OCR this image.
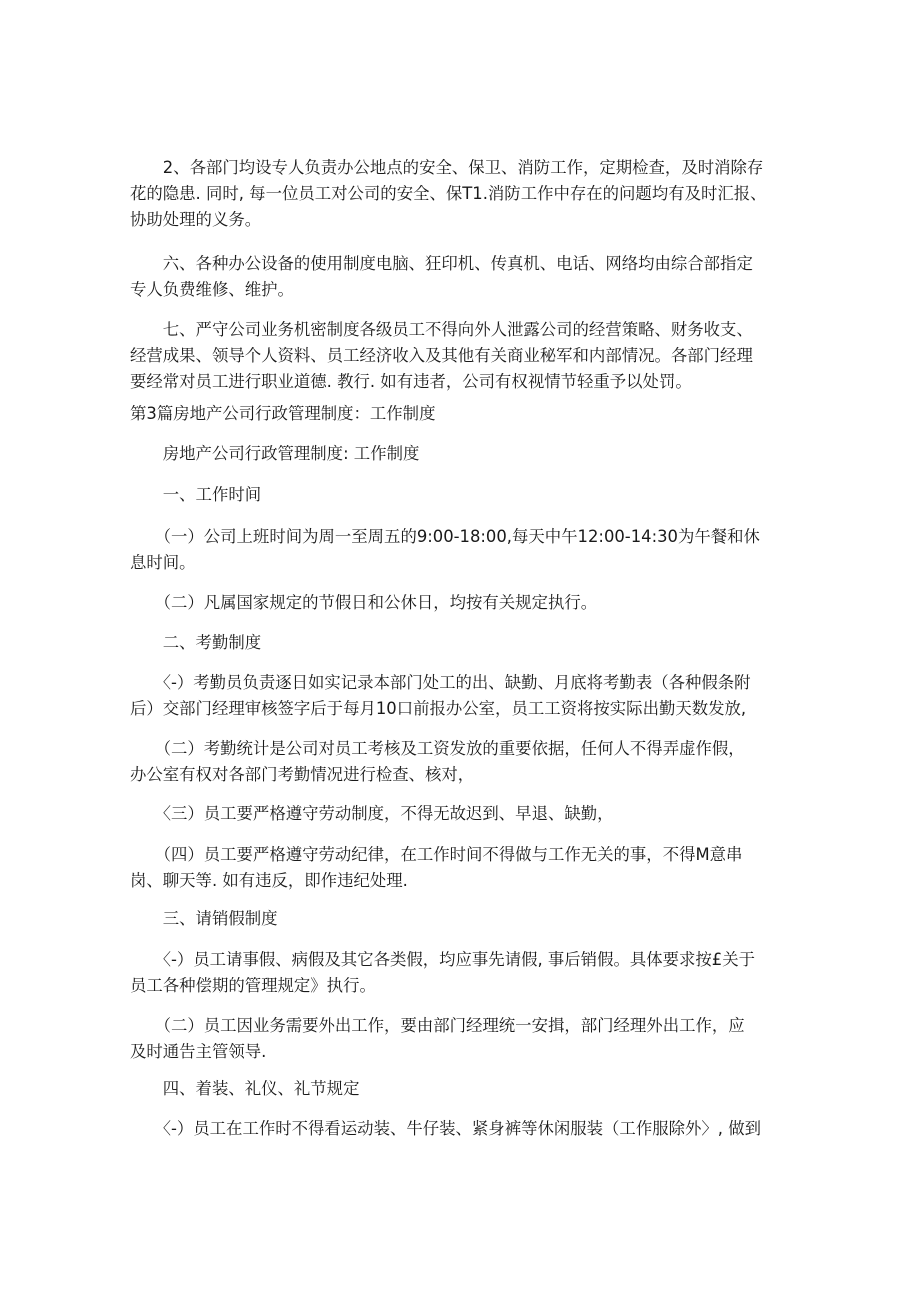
　　2、各部门均设专人负责办公地点的安全、保卫、消防工作，定期检查，及时消除存
花的隐患. 同时, 每一位员工对公司的安全、保T1.消防工作中存在的问题均有及时汇报、
协助处理的义务。
　　六、各种办公设备的使用制度电脑、狂印机、传真机、电话、网络均由综合部指定
专人负费维修、维护。
　　七、严守公司业务机密制度各级员工不得向外人泄露公司的经营策略、财务收支、
经营成果、领导个人资料、员工经济收入及其他有关商业秘军和内部情况。各部门经理
要经常对员工进行职业道德. 教行. 如有违者，公司有权视情节轻重予以处罚。
第3篇房地产公司行政管理制度：工作制度
　　房地产公司行政管理制度: 工作制度
　　一、工作时间
　　（一）公司上班时间为周一至周五的9:00-18:00,每天中午12:00-14:30为午餐和休
息时间。
　　（二）凡属国家规定的节假日和公休日，均按有关规定执行。
　　二、考勤制度
　　〈-）考勤员负责逐日如实记录本部门处工的出、缺勤、月底将考勤表（各种假条附
后）交部门经理审核签字后于每月10口前报办公室，员工工资将按实际出勤天数发放,
　　（二）考勤统计是公司对员工考核及工资发放的重要依据，任何人不得弄虚作假，
办公室有权对各部门考勤情况进行检查、核对，
　　〈三）员工要严格遵守劳动制度，不得无故迟到、早退、缺勤，
　　（四）员工要严格遵守劳动纪律，在工作时间不得做与工作无关的事，不得M意串
岗、聊天等. 如有违反，即作违纪处理.
　　三、请销假制度
　　〈-）员工请事假、病假及其它各类假，均应事先请假, 事后销假。具体要求按£关于
员工各种偿期的管理规定》执行。
　　（二）员工因业务需要外出工作，要由部门经理统一安揖，部门经理外出工作，应
及时通告主管领导.
　　四、着装、礼仪、礼节规定
　　〈-）员工在工作时不得看运动装、牛仔装、紧身裤等休闲服装（工作服除外〉, 做到
